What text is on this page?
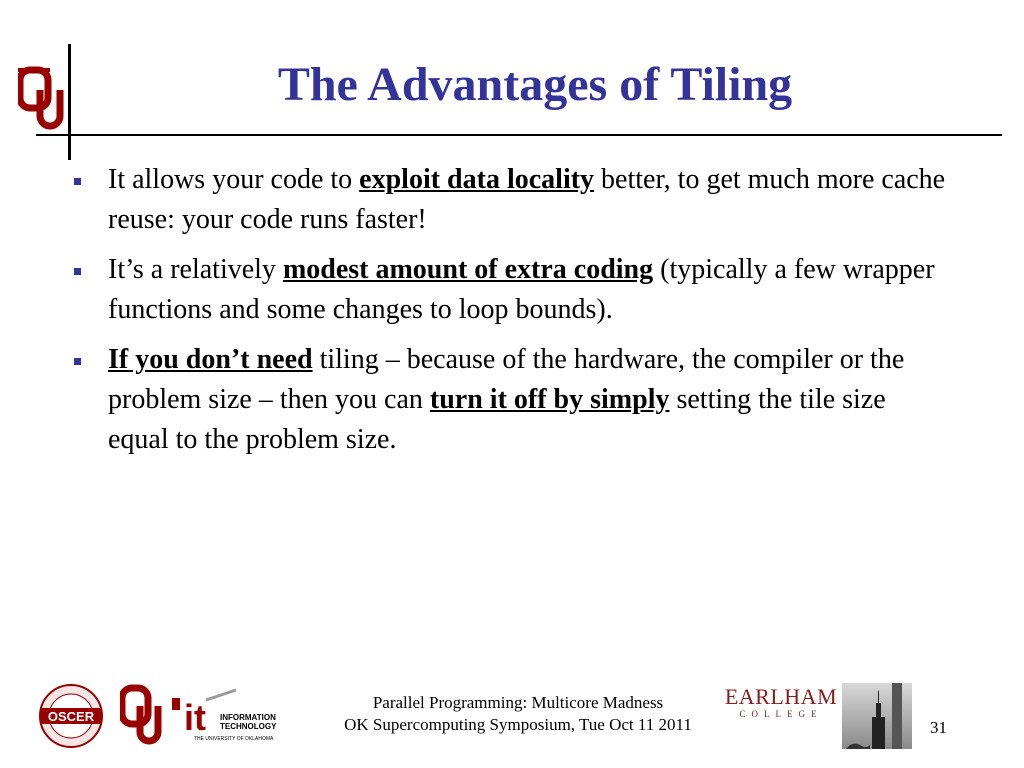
The Advantages of Tiling
It allows your code to exploit data locality better, to get much more cache reuse: your code runs faster!
It’s a relatively modest amount of extra coding (typically a few wrapper functions and some changes to loop bounds).
If you don’t need tiling – because of the hardware, the compiler or the problem size – then you can turn it off by simply setting the tile size equal to the problem size.
OSCER it INFORMATION
TECHNOLOGY
THE UNIVERSITY OF OKLAHOMA
Parallel Programming: Multicore Madness
OK Supercomputing Symposium, Tue Oct 11 2011
EARLHAM
COLLEGE
31
